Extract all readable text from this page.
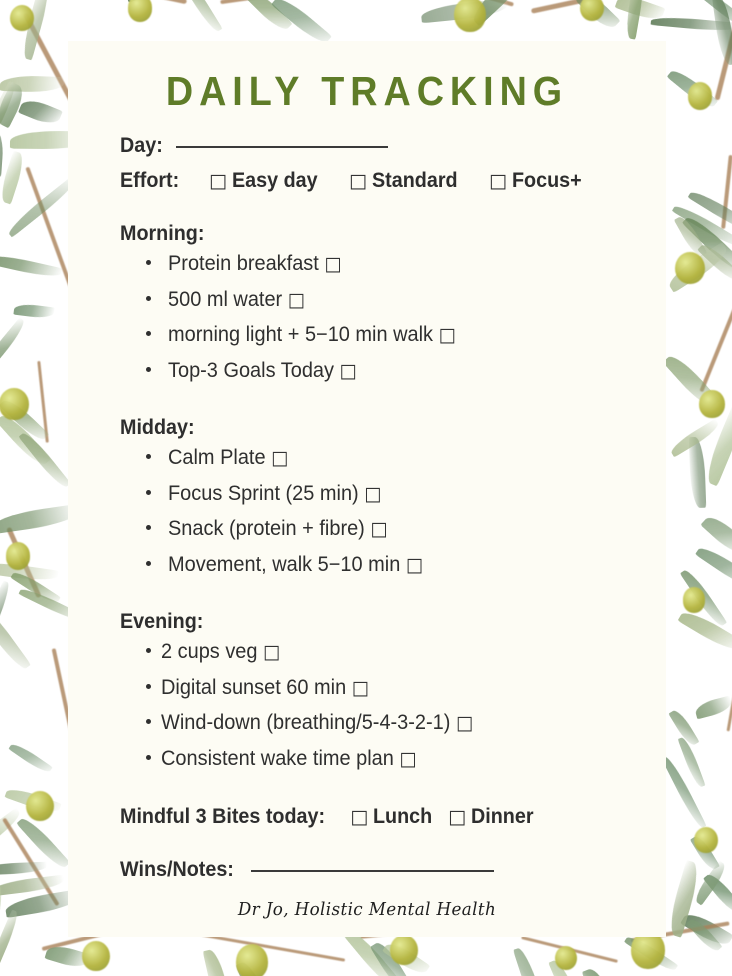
DAILY TRACKING
Day:
Effort: □ Easy day □ Standard □ Focus+
Morning:
Protein breakfast □
500 ml water □
morning light + 5−10 min walk □
Top-3 Goals Today □
Midday:
Calm Plate □
Focus Sprint (25 min) □
Snack (protein + fibre) □
Movement, walk 5−10 min □
Evening:
2 cups veg □
Digital sunset 60 min □
Wind-down (breathing/5-4-3-2-1) □
Consistent wake time plan □
Mindful 3 Bites today: □ Lunch □ Dinner
Wins/Notes:
Dr Jo, Holistic Mental Health
